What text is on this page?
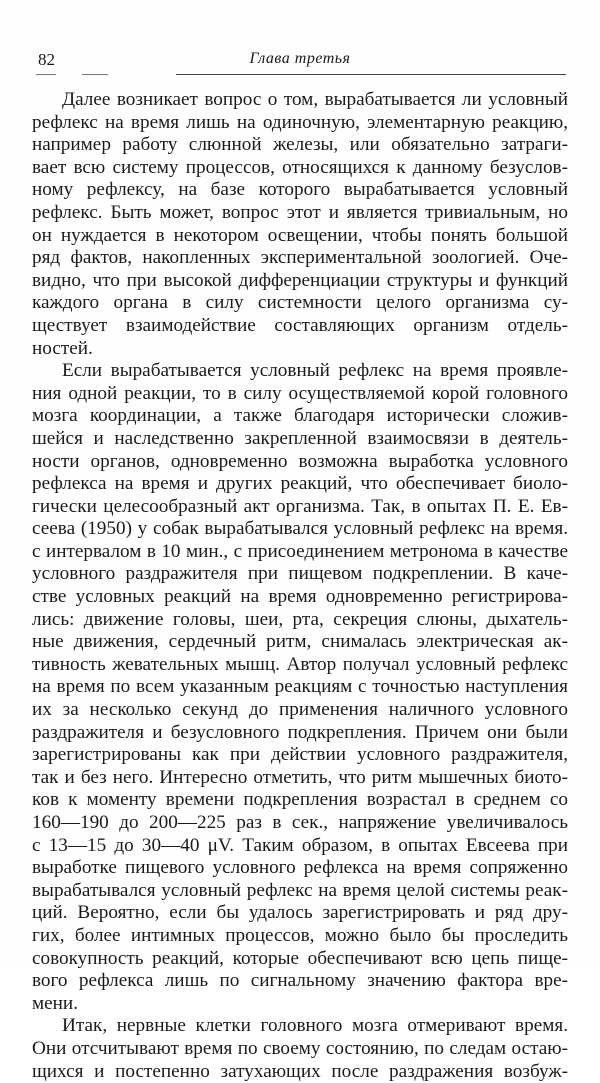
82	Глава третья
Далее возникает вопрос о том, вырабатывается ли условный
рефлекс на время лишь на одиночную, элементарную реакцию,
например работу слюнной железы, или обязательно затраги-
вает всю систему процессов, относящихся к данному безуслов-
ному рефлексу, на базе которого вырабатывается условный
рефлекс. Быть может, вопрос этот и является тривиальным, но
он нуждается в некотором освещении, чтобы понять большой
ряд фактов, накопленных экспериментальной зоологией. Оче-
видно, что при высокой дифференциации структуры и функций
каждого органа в силу системности целого организма су-
ществует взаимодействие составляющих организм отдель-
ностей.
Если вырабатывается условный рефлекс на время проявле-
ния одной реакции, то в силу осуществляемой корой головного
мозга координации, а также благодаря исторически сложив-
шейся и наследственно закрепленной взаимосвязи в деятель-
ности органов, одновременно возможна выработка условного
рефлекса на время и других реакций, что обеспечивает биоло-
гически целесообразный акт организма. Так, в опытах П. Е. Ев-
сеева (1950) у собак вырабатывался условный рефлекс на время.
с интервалом в 10 мин., с присоединением метронома в качестве
условного раздражителя при пищевом подкреплении. В каче-
стве условных реакций на время одновременно регистрирова-
лись: движение головы, шеи, рта, секреция слюны, дыхатель-
ные движения, сердечный ритм, снималась электрическая ак-
тивность жевательных мышц. Автор получал условный рефлекс
на время по всем указанным реакциям с точностью наступления
их за несколько секунд до применения наличного условного
раздражителя и безусловного подкрепления. Причем они были
зарегистрированы как при действии условного раздражителя,
так и без него. Интересно отметить, что ритм мышечных биото-
ков к моменту времени подкрепления возрастал в среднем со
160—190 до 200—225 раз в сек., напряжение увеличивалось
с 13—15 до 30—40 μV. Таким образом, в опытах Евсеева при
выработке пищевого условного рефлекса на время сопряженно
вырабатывался условный рефлекс на время целой системы реак-
ций. Вероятно, если бы удалось зарегистрировать и ряд дру-
гих, более интимных процессов, можно было бы проследить
совокупность реакций, которые обеспечивают всю цепь пище-
вого рефлекса лишь по сигнальному значению фактора вре-
мени.
Итак, нервные клетки головного мозга отмеривают время.
Они отсчитывают время по своему состоянию, по следам остаю-
щихся и постепенно затухающих после раздражения возбуж-
